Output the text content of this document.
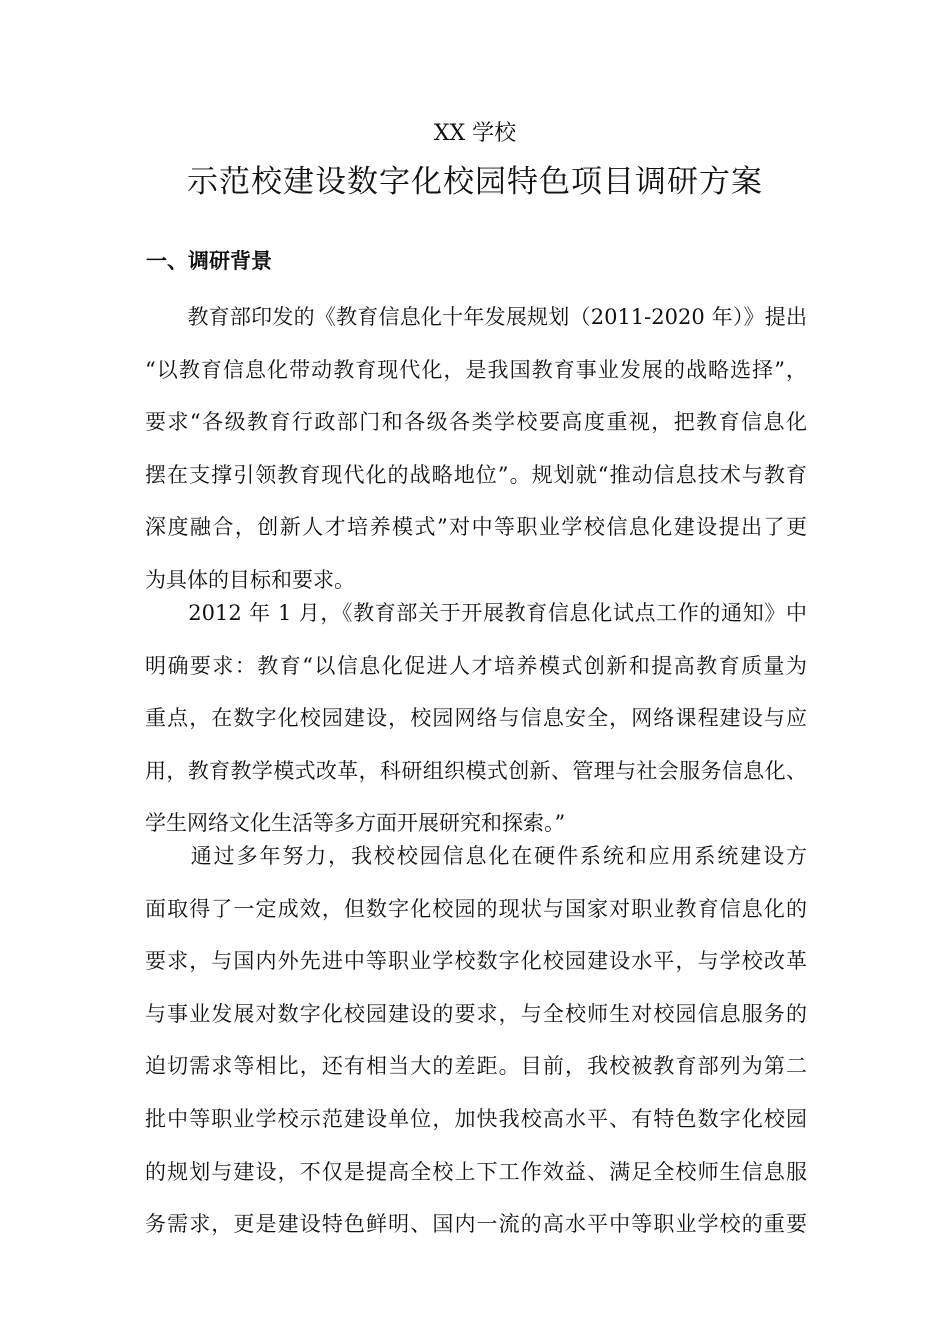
XX 学校
示范校建设数字化校园特色项目调研方案
一、调研背景
　　教育部印发的《教育信息化十年发展规划（2011-2020 年）》提出
“以教育信息化带动教育现代化，是我国教育事业发展的战略选择”，
要求“各级教育行政部门和各级各类学校要高度重视，把教育信息化
摆在支撑引领教育现代化的战略地位”。规划就“推动信息技术与教育
深度融合，创新人才培养模式”对中等职业学校信息化建设提出了更
为具体的目标和要求。
　　2012 年 1 月，《教育部关于开展教育信息化试点工作的通知》中
明确要求：教育“以信息化促进人才培养模式创新和提高教育质量为
重点，在数字化校园建设，校园网络与信息安全，网络课程建设与应
用，教育教学模式改革，科研组织模式创新、管理与社会服务信息化、
学生网络文化生活等多方面开展研究和探索。”
　　通过多年努力，我校校园信息化在硬件系统和应用系统建设方
面取得了一定成效，但数字化校园的现状与国家对职业教育信息化的
要求，与国内外先进中等职业学校数字化校园建设水平，与学校改革
与事业发展对数字化校园建设的要求，与全校师生对校园信息服务的
迫切需求等相比，还有相当大的差距。目前，我校被教育部列为第二
批中等职业学校示范建设单位，加快我校高水平、有特色数字化校园
的规划与建设，不仅是提高全校上下工作效益、满足全校师生信息服
务需求，更是建设特色鲜明、国内一流的高水平中等职业学校的重要
